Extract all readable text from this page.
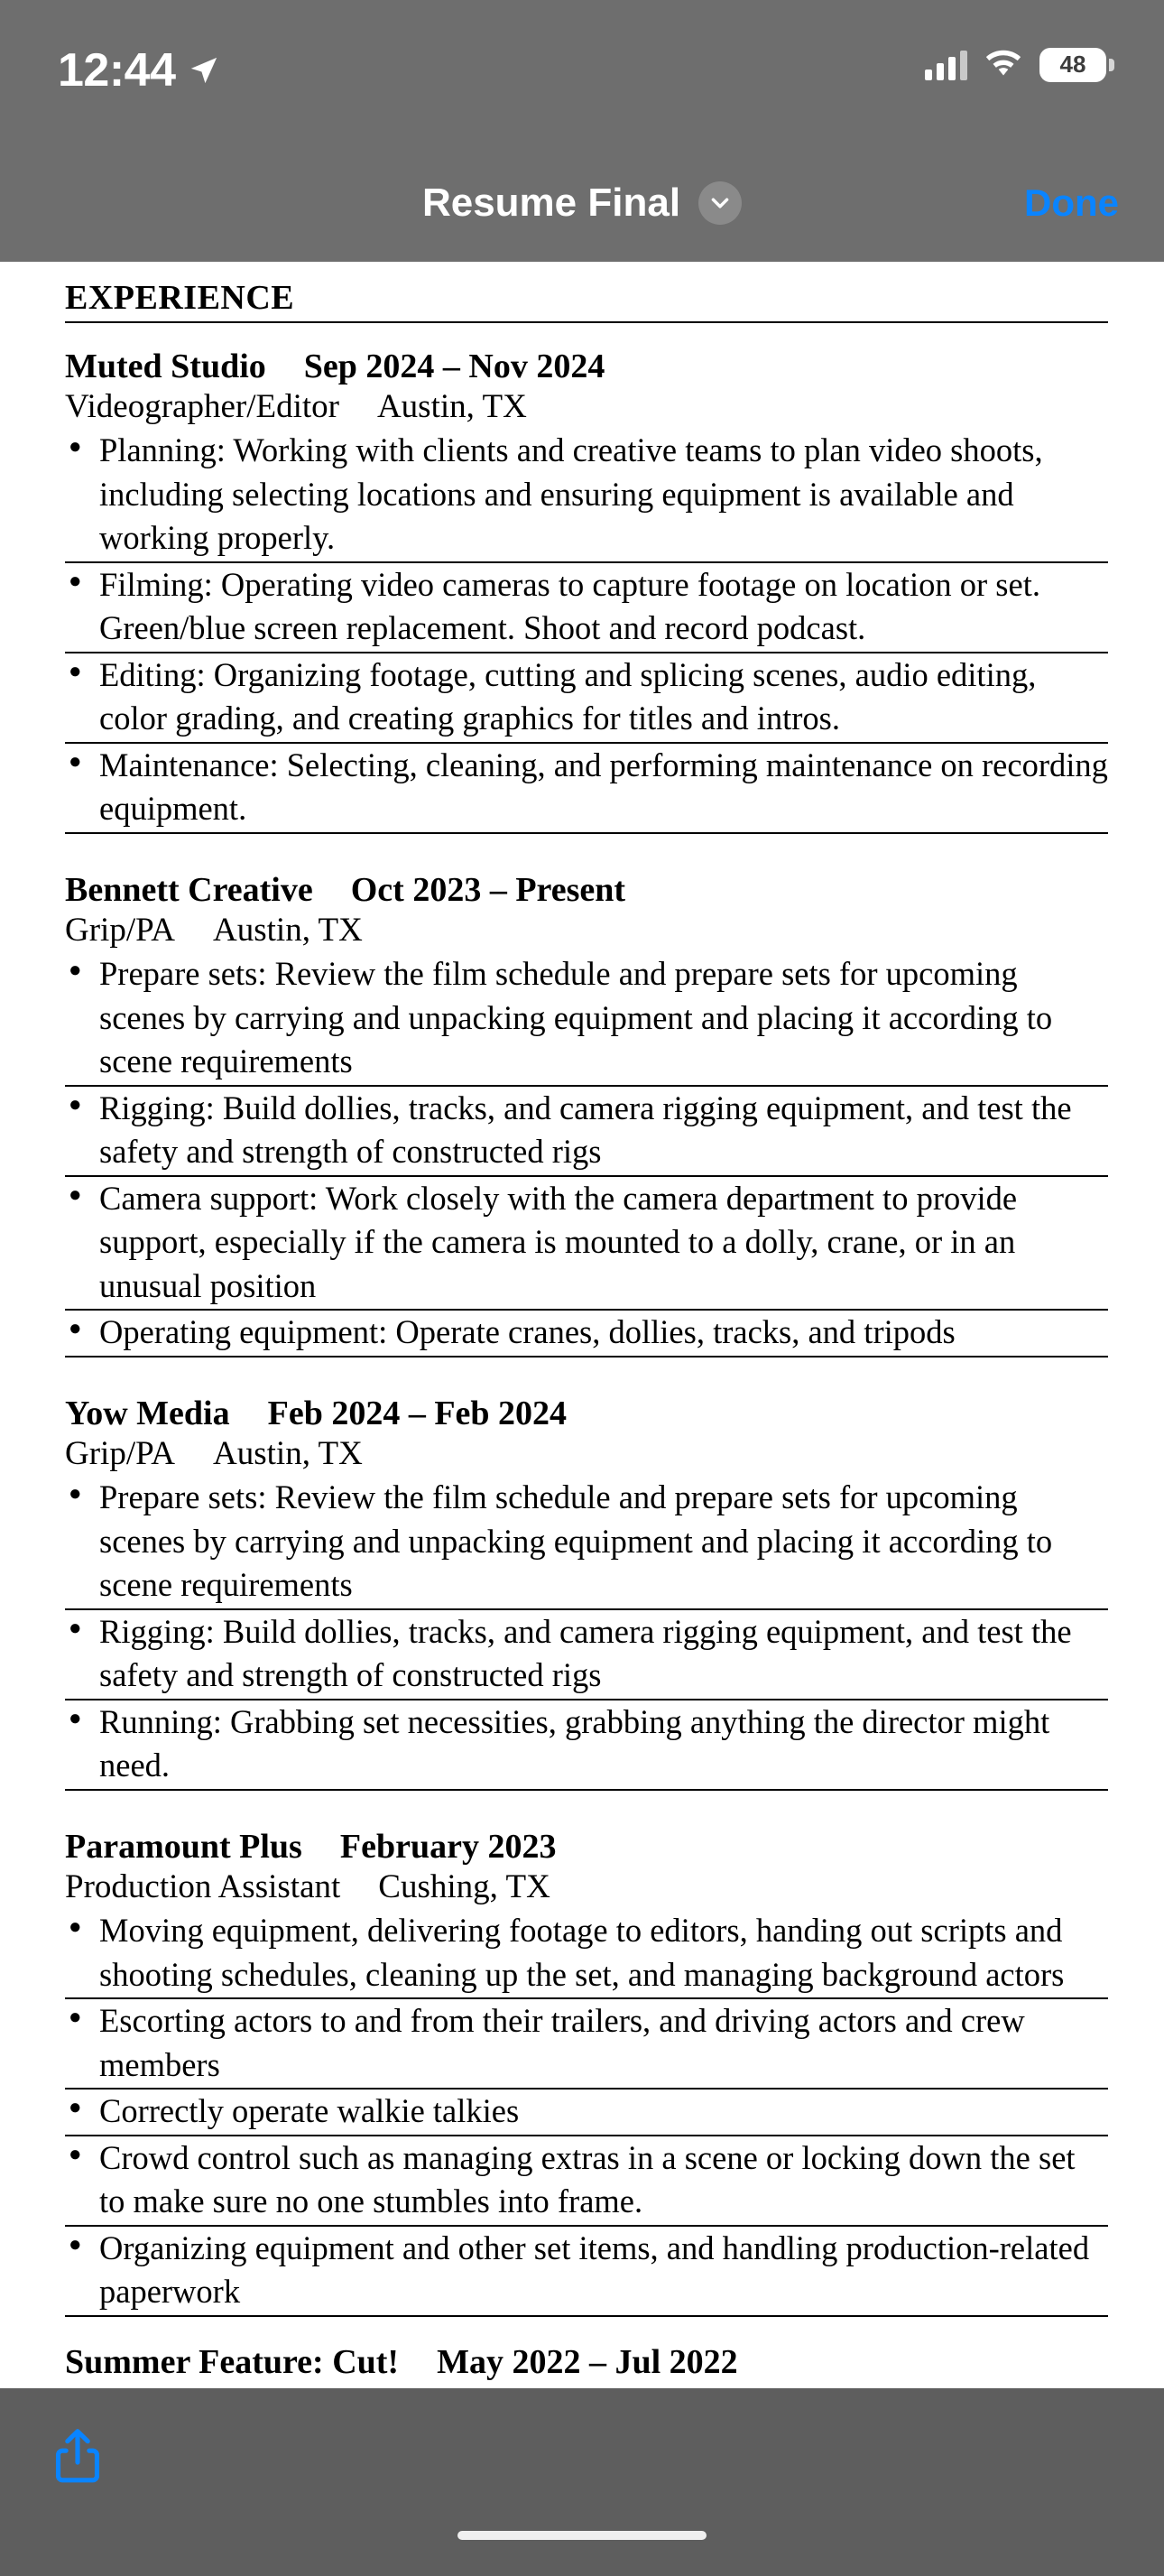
12:44	48
Resume Final	Done
EXPERIENCE
Muted Studio Sep 2024 – Nov 2024
Videographer/Editor Austin, TX
● Planning: Working with clients and creative teams to plan video shoots, including selecting locations and ensuring equipment is available and working properly.
● Filming: Operating video cameras to capture footage on location or set. Green/blue screen replacement. Shoot and record podcast.
● Editing: Organizing footage, cutting and splicing scenes, audio editing, color grading, and creating graphics for titles and intros.
● Maintenance: Selecting, cleaning, and performing maintenance on recording equipment.
Bennett Creative Oct 2023 – Present
Grip/PA Austin, TX
● Prepare sets: Review the film schedule and prepare sets for upcoming scenes by carrying and unpacking equipment and placing it according to scene requirements
● Rigging: Build dollies, tracks, and camera rigging equipment, and test the safety and strength of constructed rigs
● Camera support: Work closely with the camera department to provide support, especially if the camera is mounted to a dolly, crane, or in an unusual position
● Operating equipment: Operate cranes, dollies, tracks, and tripods
Yow Media Feb 2024 – Feb 2024
Grip/PA Austin, TX
● Prepare sets: Review the film schedule and prepare sets for upcoming scenes by carrying and unpacking equipment and placing it according to scene requirements
● Rigging: Build dollies, tracks, and camera rigging equipment, and test the safety and strength of constructed rigs
● Running: Grabbing set necessities, grabbing anything the director might need.
Paramount Plus February 2023
Production Assistant Cushing, TX
● Moving equipment, delivering footage to editors, handing out scripts and shooting schedules, cleaning up the set, and managing background actors
● Escorting actors to and from their trailers, and driving actors and crew members
● Correctly operate walkie talkies
● Crowd control such as managing extras in a scene or locking down the set to make sure no one stumbles into frame.
● Organizing equipment and other set items, and handling production-related paperwork
Summer Feature: Cut! May 2022 – Jul 2022
